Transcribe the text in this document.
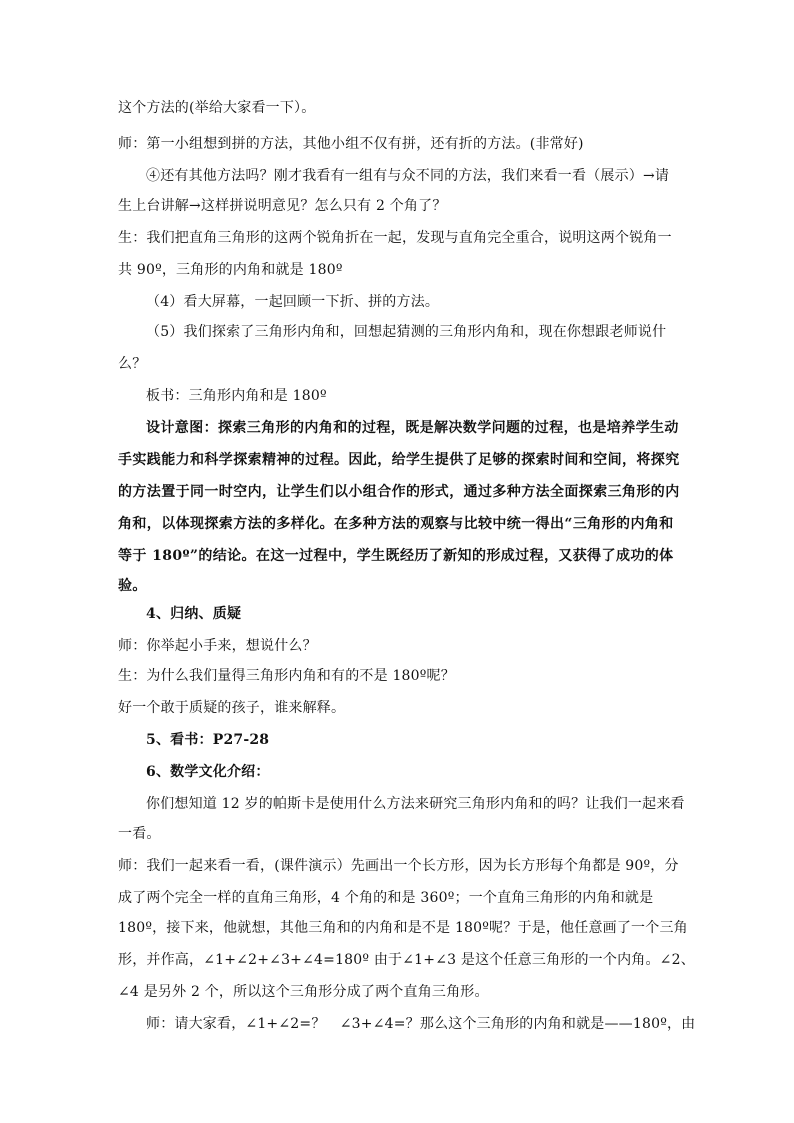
这个方法的(举给大家看一下）。
师：第一小组想到拼的方法，其他小组不仅有拼，还有折的方法。(非常好)
④还有其他方法吗？刚才我看有一组有与众不同的方法，我们来看一看（展示）→请
生上台讲解→这样拼说明意见？怎么只有 2 个角了？
生：我们把直角三角形的这两个锐角折在一起，发现与直角完全重合，说明这两个锐角一
共 90º，三角形的内角和就是 180º
（4）看大屏幕，一起回顾一下折、拼的方法。
（5）我们探索了三角形内角和，回想起猜测的三角形内角和，现在你想跟老师说什
么？
板书：三角形内角和是 180º
设计意图：探索三角形的内角和的过程，既是解决数学问题的过程，也是培养学生动
手实践能力和科学探索精神的过程。因此，给学生提供了足够的探索时间和空间，将探究
的方法置于同一时空内，让学生们以小组合作的形式，通过多种方法全面探索三角形的内
角和，以体现探索方法的多样化。在多种方法的观察与比较中统一得出“三角形的内角和
等于 180º”的结论。在这一过程中，学生既经历了新知的形成过程，又获得了成功的体
验。
4、归纳、质疑
师：你举起小手来，想说什么？
生：为什么我们量得三角形内角和有的不是 180º呢？
好一个敢于质疑的孩子，谁来解释。
5、看书：P27-28
6、数学文化介绍：
你们想知道 12 岁的帕斯卡是使用什么方法来研究三角形内角和的吗？让我们一起来看
一看。
师：我们一起来看一看，(课件演示）先画出一个长方形，因为长方形每个角都是 90º，分
成了两个完全一样的直角三角形，4 个角的和是 360º；一个直角三角形的内角和就是
180º，接下来，他就想，其他三角和的内角和是不是 180º呢？于是，他任意画了一个三角
形，并作高，∠1+∠2+∠3+∠4=180º 由于∠1+∠3 是这个任意三角形的一个内角。∠2、
∠4 是另外 2 个，所以这个三角形分成了两个直角三角形。
师：请大家看，∠1+∠2=？　∠3+∠4=？那么这个三角形的内角和就是——180º，由
